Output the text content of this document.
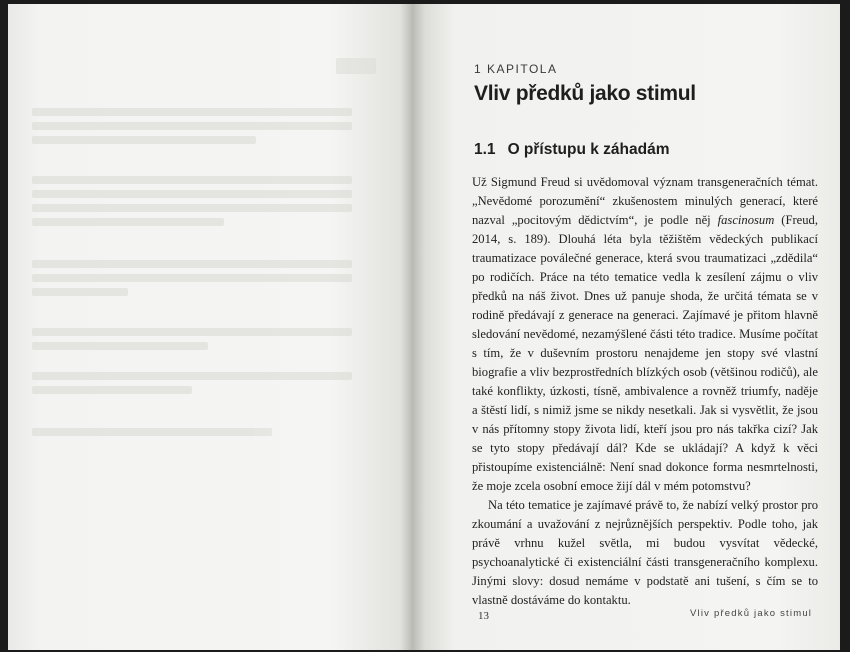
1 KAPITOLA
Vliv předků jako stimul
1.1 O přístupu k záhadám

Už Sigmund Freud si uvědomoval význam transgeneračních témat. „Nevědomé porozumění“ zkušenostem minulých generací, které nazval „pocitovým dědictvím“, je podle něj fascinosum (Freud, 2014, s. 189). Dlouhá léta byla těžištěm vědeckých publikací traumatizace poválečné generace, která svou traumatizaci „zdědila“ po rodičích. Práce na této tematice vedla k zesílení zájmu o vliv předků na náš život. Dnes už panuje shoda, že určitá témata se v rodině předávají z generace na generaci. Zajímavé je přitom hlavně sledování nevědomé, nezamýšlené části této tradice. Musíme počítat s tím, že v duševním prostoru nenajdeme jen stopy své vlastní biografie a vliv bezprostředních blízkých osob (většinou rodičů), ale také konflikty, úzkosti, tísně, ambivalence a rovněž triumfy, naděje a štěstí lidí, s nimiž jsme se nikdy nesetkali. Jak si vysvětlit, že jsou v nás přítomny stopy života lidí, kteří jsou pro nás takřka cizí? Jak se tyto stopy předávají dál? Kde se ukládají? A když k věci přistoupíme existenciálně: Není snad dokonce forma nesmrtelnosti, že moje zcela osobní emoce žijí dál v mém potomstvu?

Na této tematice je zajímavé právě to, že nabízí velký prostor pro zkoumání a uvažování z nejrůznějších perspektiv. Podle toho, jak právě vrhnu kužel světla, mi budou vysvítat vědecké, psychoanalytické či existenciální části transgeneračního komplexu. Jinými slovy: dosud nemáme v podstatě ani tušení, s čím se to vlastně dostáváme do kontaktu.

13	Vliv předků jako stimul
